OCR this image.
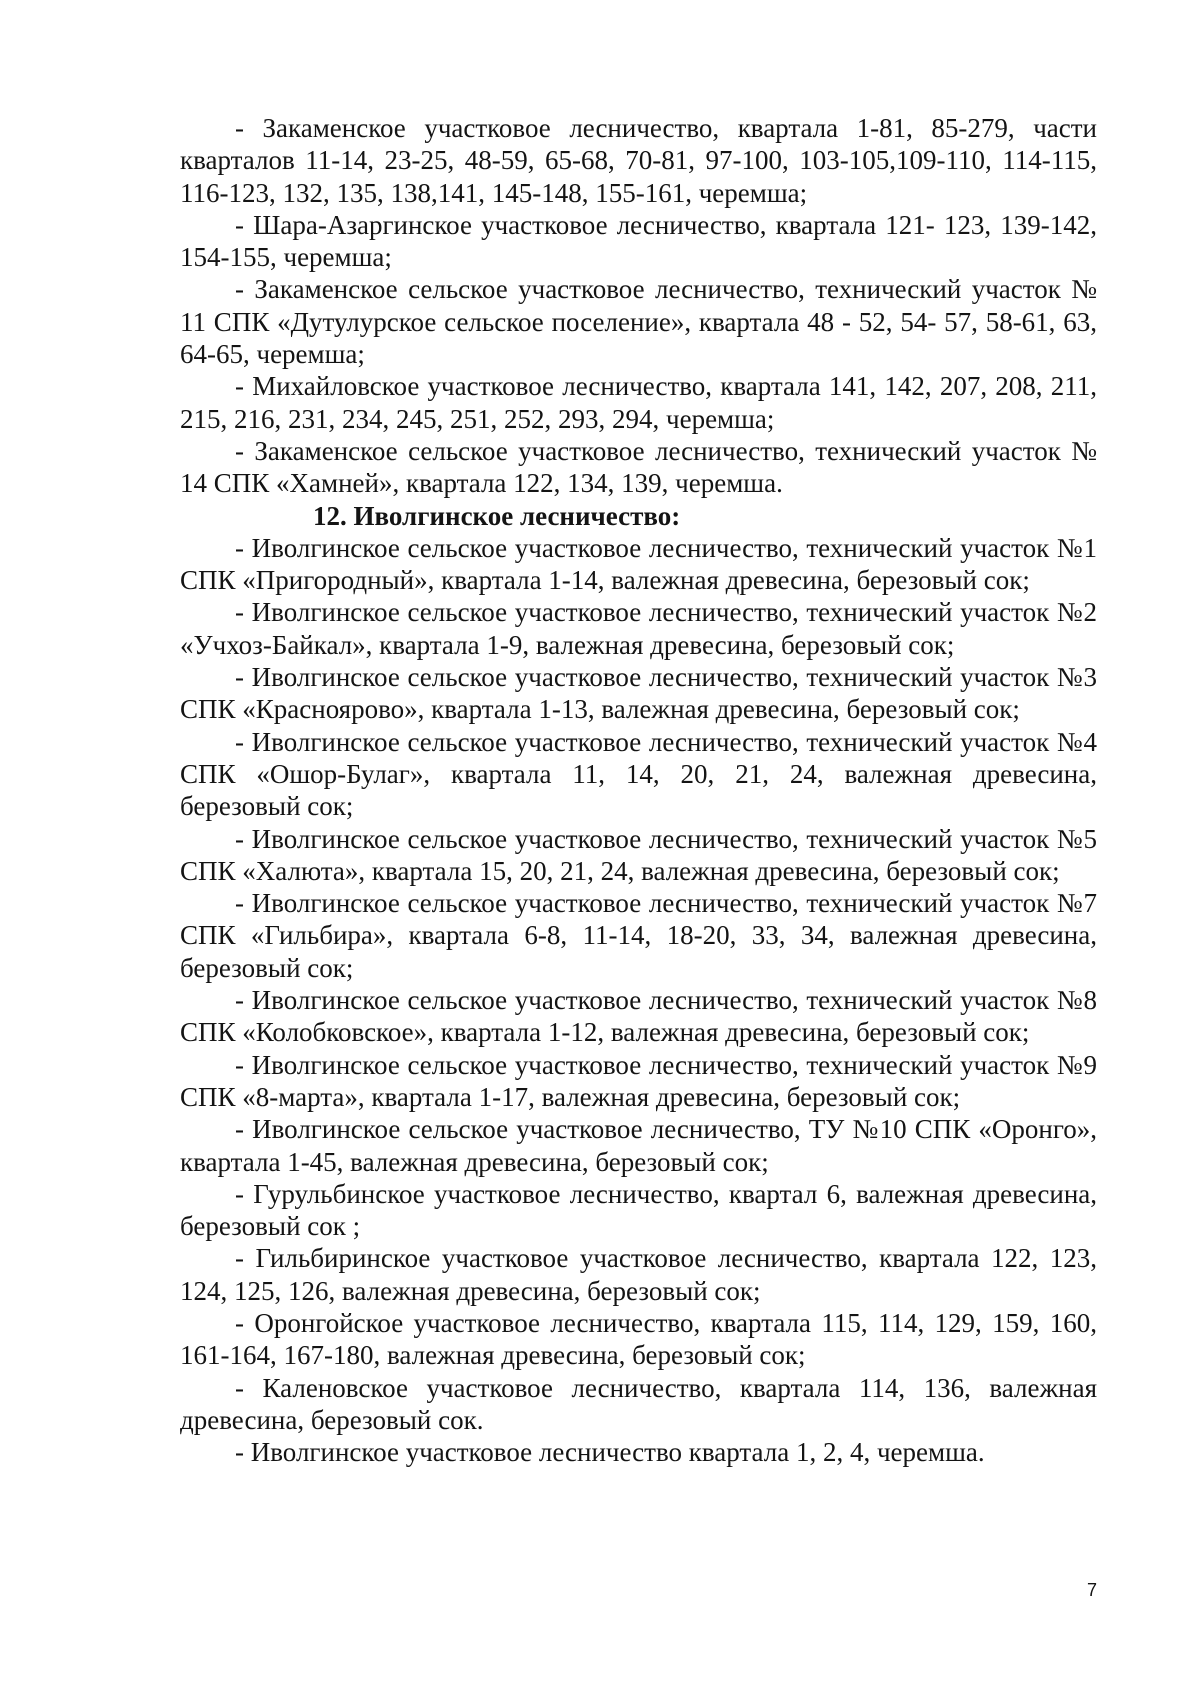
- Закаменское участковое лесничество, квартала 1-81, 85-279, части кварталов 11-14, 23-25, 48-59, 65-68, 70-81, 97-100, 103-105,109-110, 114-115, 116-123, 132, 135, 138,141, 145-148, 155-161, черемша;

- Шара-Азаргинское участковое лесничество, квартала 121- 123, 139-142, 154-155, черемша;

- Закаменское сельское участковое лесничество, технический участок № 11 СПК «Дутулурское сельское поселение», квартала 48 - 52, 54- 57, 58-61, 63, 64-65, черемша;

- Михайловское участковое лесничество, квартала 141, 142, 207, 208, 211, 215, 216, 231, 234, 245, 251, 252, 293, 294, черемша;

- Закаменское сельское участковое лесничество, технический участок № 14 СПК «Хамней», квартала 122, 134, 139, черемша.

12. Иволгинское лесничество:

- Иволгинское сельское участковое лесничество, технический участок №1 СПК «Пригородный», квартала 1-14, валежная древесина, березовый сок;

- Иволгинское сельское участковое лесничество, технический участок №2 «Учхоз-Байкал», квартала 1-9, валежная древесина, березовый сок;

- Иволгинское сельское участковое лесничество, технический участок №3 СПК «Красноярово», квартала 1-13, валежная древесина, березовый сок;

- Иволгинское сельское участковое лесничество, технический участок №4 СПК «Ошор-Булаг», квартала 11, 14, 20, 21, 24, валежная древесина, березовый сок;

- Иволгинское сельское участковое лесничество, технический участок №5 СПК «Халюта», квартала 15, 20, 21, 24, валежная древесина, березовый сок;

- Иволгинское сельское участковое лесничество, технический участок №7 СПК «Гильбира», квартала 6-8, 11-14, 18-20, 33, 34, валежная древесина, березовый сок;

- Иволгинское сельское участковое лесничество, технический участок №8 СПК «Колобковское», квартала 1-12, валежная древесина, березовый сок;

- Иволгинское сельское участковое лесничество, технический участок №9 СПК «8-марта», квартала 1-17, валежная древесина, березовый сок;

- Иволгинское сельское участковое лесничество, ТУ №10 СПК «Оронго», квартала 1-45, валежная древесина, березовый сок;

- Гурульбинское участковое лесничество, квартал 6, валежная древесина, березовый сок ;

- Гильбиринское участковое участковое лесничество, квартала 122, 123, 124, 125, 126, валежная древесина, березовый сок;

- Оронгойское участковое лесничество, квартала 115, 114, 129, 159, 160, 161-164, 167-180, валежная древесина, березовый сок;

- Каленовское участковое лесничество, квартала 114, 136, валежная древесина, березовый сок.

- Иволгинское участковое лесничество квартала 1, 2, 4, черемша.

7
